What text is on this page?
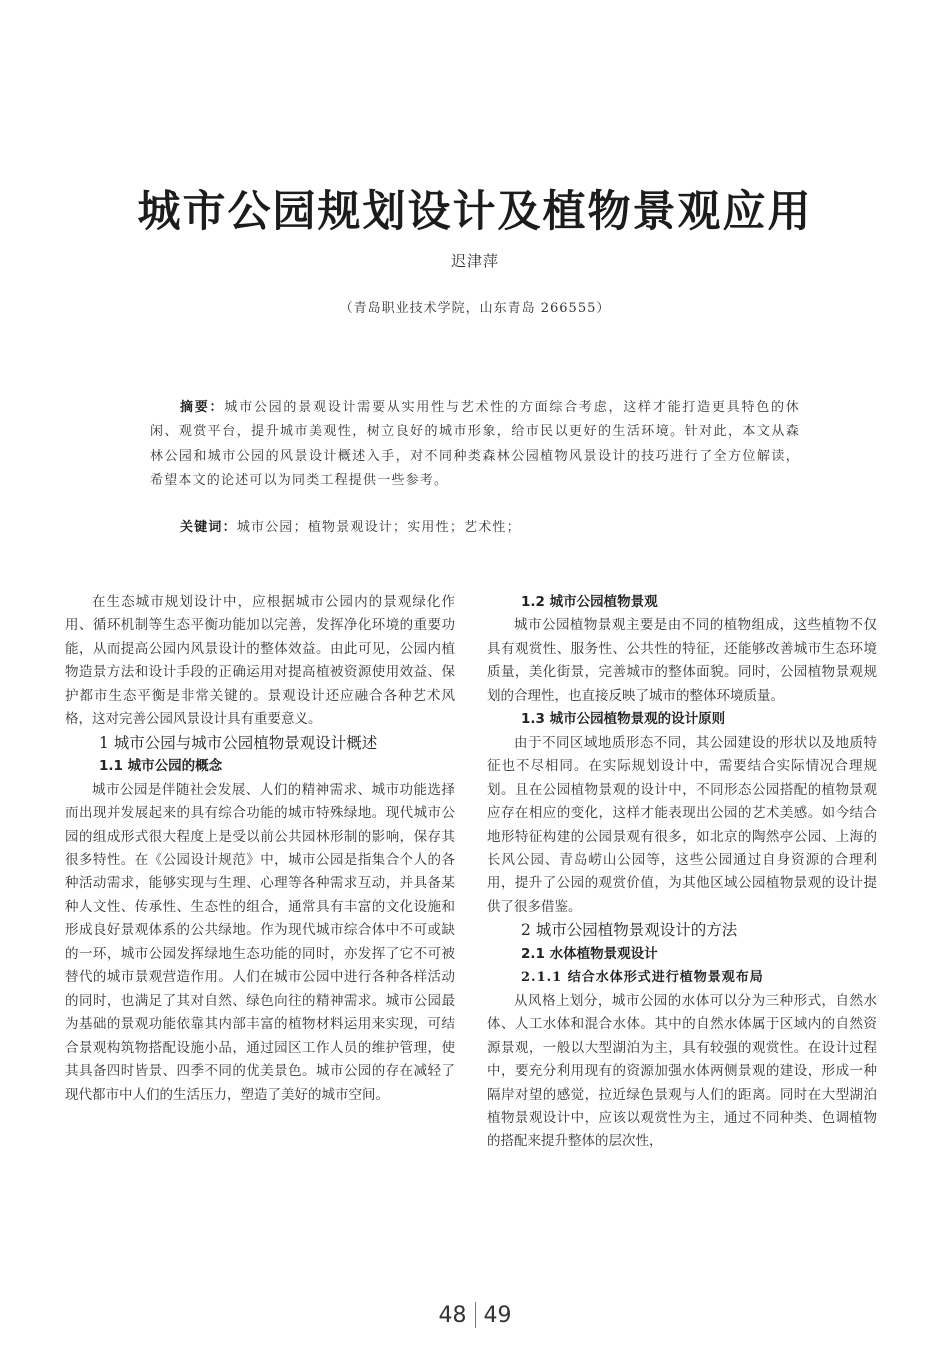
城市公园规划设计及植物景观应用
迟津萍
（青岛职业技术学院，山东青岛 266555）
摘要：城市公园的景观设计需要从实用性与艺术性的方面综合考虑，这样才能打造更具特色的休闲、观赏平台，提升城市美观性，树立良好的城市形象，给市民以更好的生活环境。针对此，本文从森林公园和城市公园的风景设计概述入手，对不同种类森林公园植物风景设计的技巧进行了全方位解读，希望本文的论述可以为同类工程提供一些参考。
关键词：城市公园；植物景观设计；实用性；艺术性；

在生态城市规划设计中，应根据城市公园内的景观绿化作用、循环机制等生态平衡功能加以完善，发挥净化环境的重要功能，从而提高公园内风景设计的整体效益。由此可见，公园内植物造景方法和设计手段的正确运用对提高植被资源使用效益、保护都市生态平衡是非常关键的。景观设计还应融合各种艺术风格，这对完善公园风景设计具有重要意义。

1 城市公园与城市公园植物景观设计概述
1.1 城市公园的概念

城市公园是伴随社会发展、人们的精神需求、城市功能选择而出现并发展起来的具有综合功能的城市特殊绿地。现代城市公园的组成形式很大程度上是受以前公共园林形制的影响，保存其很多特性。在《公园设计规范》中，城市公园是指集合个人的各种活动需求，能够实现与生理、心理等各种需求互动，并具备某种人文性、传承性、生态性的组合，通常具有丰富的文化设施和形成良好景观体系的公共绿地。作为现代城市综合体中不可或缺的一环，城市公园发挥绿地生态功能的同时，亦发挥了它不可被替代的城市景观营造作用。人们在城市公园中进行各种各样活动的同时，也满足了其对自然、绿色向往的精神需求。城市公园最为基础的景观功能依靠其内部丰富的植物材料运用来实现，可结合景观构筑物搭配设施小品，通过园区工作人员的维护管理，使其具备四时皆景、四季不同的优美景色。城市公园的存在减轻了现代都市中人们的生活压力，塑造了美好的城市空间。

1.2 城市公园植物景观

城市公园植物景观主要是由不同的植物组成，这些植物不仅具有观赏性、服务性、公共性的特征，还能够改善城市生态环境质量，美化街景，完善城市的整体面貌。同时，公园植物景观规划的合理性，也直接反映了城市的整体环境质量。

1.3 城市公园植物景观的设计原则

由于不同区域地质形态不同，其公园建设的形状以及地质特征也不尽相同。在实际规划设计中，需要结合实际情况合理规划。且在公园植物景观的设计中，不同形态公园搭配的植物景观应存在相应的变化，这样才能表现出公园的艺术美感。如今结合地形特征构建的公园景观有很多，如北京的陶然亭公园、上海的长风公园、青岛崂山公园等，这些公园通过自身资源的合理利用，提升了公园的观赏价值，为其他区域公园植物景观的设计提供了很多借鉴。

2 城市公园植物景观设计的方法
2.1 水体植物景观设计
2.1.1 结合水体形式进行植物景观布局

从风格上划分，城市公园的水体可以分为三种形式，自然水体、人工水体和混合水体。其中的自然水体属于区域内的自然资源景观，一般以大型湖泊为主，具有较强的观赏性。在设计过程中，要充分利用现有的资源加强水体两侧景观的建设，形成一种隔岸对望的感觉，拉近绿色景观与人们的距离。同时在大型湖泊植物景观设计中，应该以观赏性为主，通过不同种类、色调植物的搭配来提升整体的层次性，

48 49
